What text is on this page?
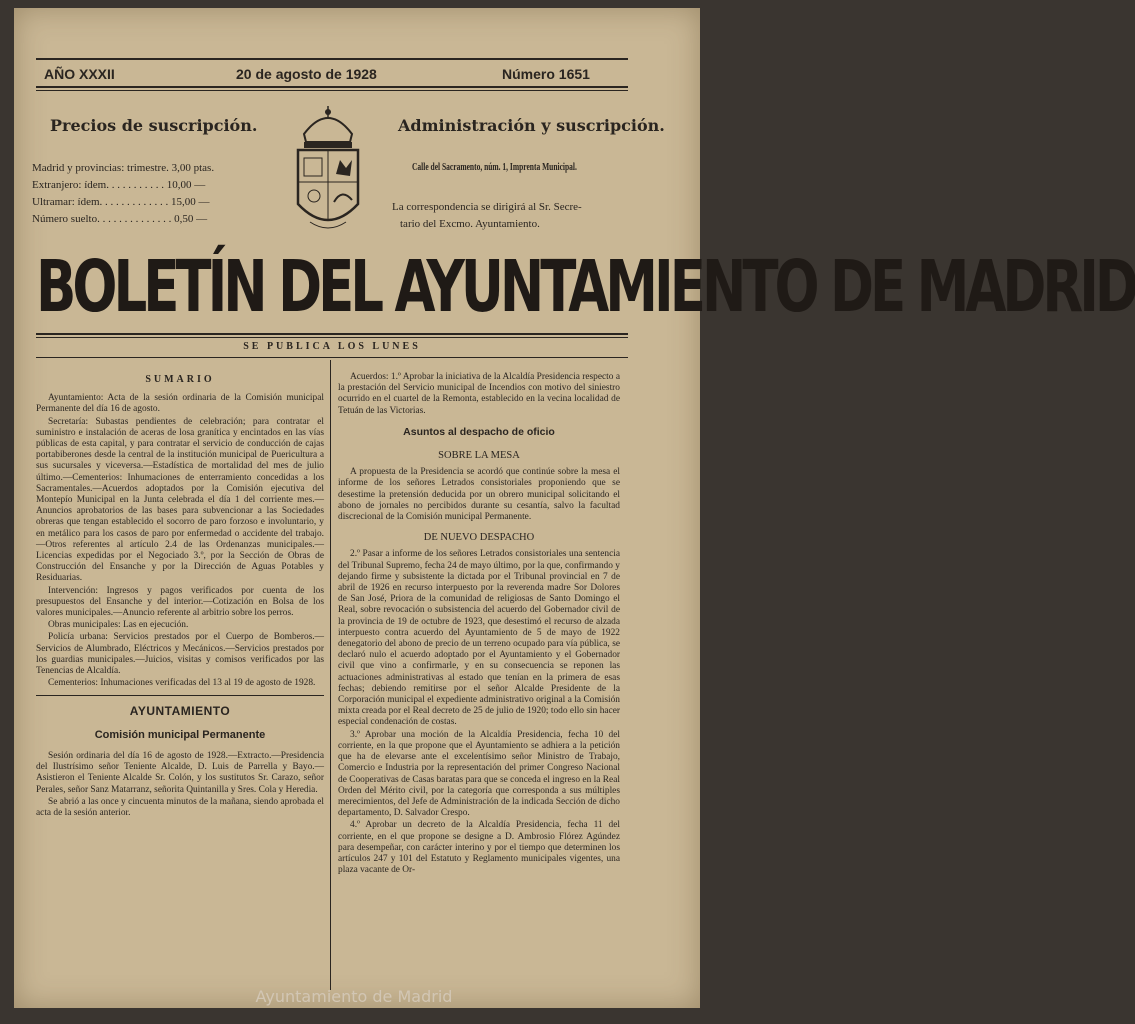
AÑO XXXII	20 de agosto de 1928	Número 1651
Precios de suscripción.
Madrid y provincias: trimestre. 3,00 ptas.
Extranjero: ídem. . . . . . . . . . . 10,00 —
Ultramar: ídem. . . . . . . . . . . . . 15,00 —
Número suelto. . . . . . . . . . . . . . 0,50 —
Administración y suscripción.
Calle del Sacramento, núm. 1, Imprenta Municipal.
La correspondencia se dirigirá al Sr. Secre-
tario del Excmo. Ayuntamiento.
BOLETÍN DEL AYUNTAMIENTO DE MADRID
SE PUBLICA LOS LUNES
SUMARIO

Ayuntamiento: Acta de la sesión ordinaria de la Comisión municipal Permanente del día 16 de agosto.

Secretaría: Subastas pendientes de celebración; para contratar el suministro e instalación de aceras de losa granítica y encintados en las vías públicas de esta capital, y para contratar el servicio de conducción de cajas portabiberones desde la central de la institución municipal de Puericultura a sus sucursales y viceversa.—Estadística de mortalidad del mes de julio último.—Cementerios: Inhumaciones de enterramiento concedidas a los Sacramentales.—Acuerdos adoptados por la Comisión ejecutiva del Montepío Municipal en la Junta celebrada el día 1 del corriente mes.—Anuncios aprobatorios de las bases para subvencionar a las Sociedades obreras que tengan establecido el socorro de paro forzoso e involuntario, y en metálico para los casos de paro por enfermedad o accidente del trabajo.—Otros referentes al artículo 2.4 de las Ordenanzas municipales.—Licencias expedidas por el Negociado 3.º, por la Sección de Obras de Construcción del Ensanche y por la Dirección de Aguas Potables y Residuarias.

Intervención: Ingresos y pagos verificados por cuenta de los presupuestos del Ensanche y del interior.—Cotización en Bolsa de los valores municipales.—Anuncio referente al arbitrio sobre los perros.

Obras municipales: Las en ejecución.

Policía urbana: Servicios prestados por el Cuerpo de Bomberos.—Servicios de Alumbrado, Eléctricos y Mecánicos.—Servicios prestados por los guardias municipales.—Juicios, visitas y comisos verificados por las Tenencias de Alcaldía.

Cementerios: Inhumaciones verificadas del 13 al 19 de agosto de 1928.

AYUNTAMIENTO
Comisión municipal Permanente

Sesión ordinaria del día 16 de agosto de 1928.—Extracto.—Presidencia del Ilustrísimo señor Teniente Alcalde, D. Luis de Parrella y Bayo.—Asistieron el Teniente Alcalde Sr. Colón, y los sustitutos Sr. Carazo, señor Perales, señor Sanz Matarranz, señorita Quintanilla y Sres. Cola y Heredia.

Se abrió a las once y cincuenta minutos de la mañana, siendo aprobada el acta de la sesión anterior.

Acuerdos: 1.º Aprobar la iniciativa de la Alcaldía Presidencia respecto a la prestación del Servicio municipal de Incendios con motivo del siniestro ocurrido en el cuartel de la Remonta, establecido en la vecina localidad de Tetuán de las Victorias.

Asuntos al despacho de oficio
SOBRE LA MESA

A propuesta de la Presidencia se acordó que continúe sobre la mesa el informe de los señores Letrados consistoriales proponiendo que se desestime la pretensión deducida por un obrero municipal solicitando el abono de jornales no percibidos durante su cesantía, salvo la facultad discrecional de la Comisión municipal Permanente.

DE NUEVO DESPACHO

2.º Pasar a informe de los señores Letrados consistoriales una sentencia del Tribunal Supremo, fecha 24 de mayo último, por la que, confirmando y dejando firme y subsistente la dictada por el Tribunal provincial en 7 de abril de 1926 en recurso interpuesto por la reverenda madre Sor Dolores de San José, Priora de la comunidad de religiosas de Santo Domingo el Real, sobre revocación o subsistencia del acuerdo del Gobernador civil de la provincia de 19 de octubre de 1923, que desestimó el recurso de alzada interpuesto contra acuerdo del Ayuntamiento de 5 de mayo de 1922 denegatorio del abono de precio de un terreno ocupado para vía pública, se declaró nulo el acuerdo adoptado por el Ayuntamiento y el Gobernador civil que vino a confirmarle, y en su consecuencia se reponen las actuaciones administrativas al estado que tenían en la primera de esas fechas; debiendo remitirse por el señor Alcalde Presidente de la Corporación municipal el expediente administrativo original a la Comisión mixta creada por el Real decreto de 25 de julio de 1920; todo ello sin hacer especial condenación de costas.

3.º Aprobar una moción de la Alcaldía Presidencia, fecha 10 del corriente, en la que propone que el Ayuntamiento se adhiera a la petición que ha de elevarse ante el excelentísimo señor Ministro de Trabajo, Comercio e Industria por la representación del primer Congreso Nacional de Cooperativas de Casas baratas para que se conceda el ingreso en la Real Orden del Mérito civil, por la categoría que corresponda a sus múltiples merecimientos, del Jefe de Administración de la indicada Sección de dicho departamento, D. Salvador Crespo.

4.º Aprobar un decreto de la Alcaldía Presidencia, fecha 11 del corriente, en el que propone se designe a D. Ambrosio Flórez Agúndez para desempeñar, con carácter interino y por el tiempo que determinen los artículos 247 y 101 del Estatuto y Reglamento municipales vigentes, una plaza vacante de Or-

Ayuntamiento de Madrid
